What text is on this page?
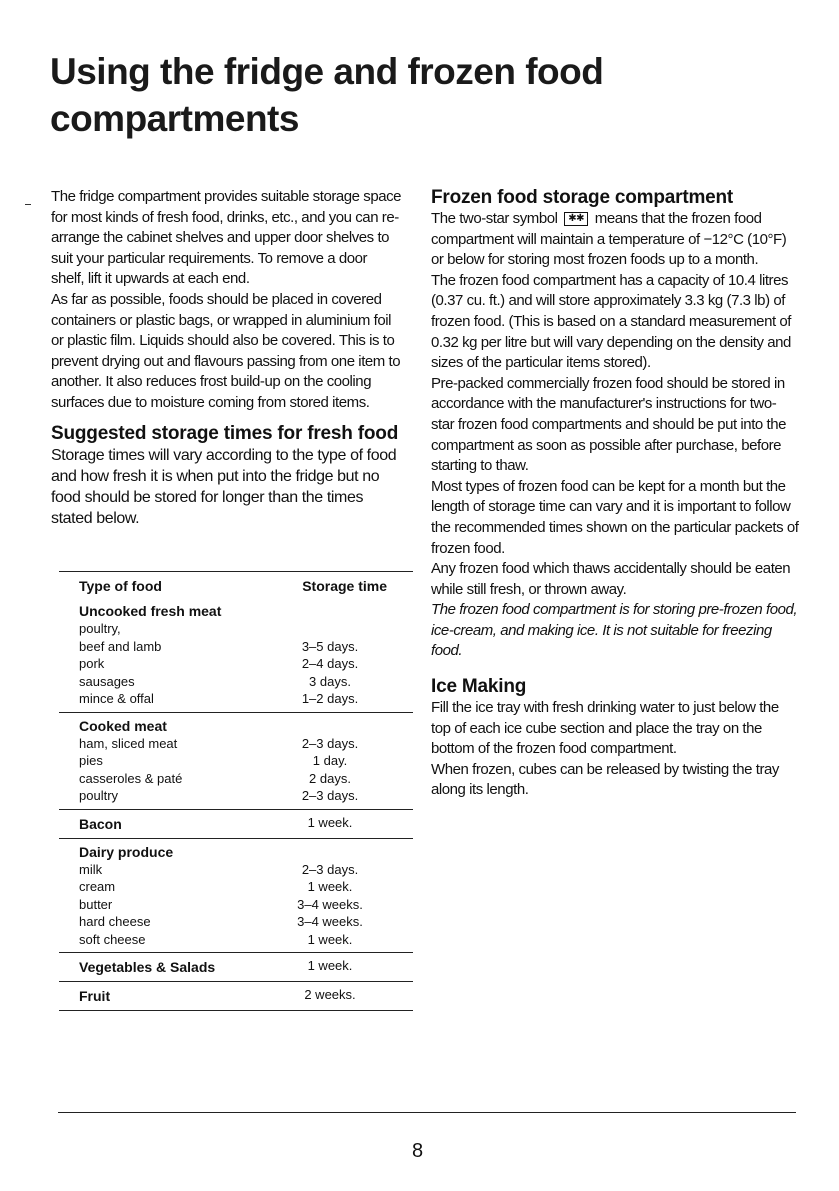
Using the fridge and frozen food compartments

The fridge compartment provides suitable storage space for most kinds of fresh food, drinks, etc., and you can re-arrange the cabinet shelves and upper door shelves to suit your particular requirements. To remove a door shelf, lift it upwards at each end.

As far as possible, foods should be placed in covered containers or plastic bags, or wrapped in aluminium foil or plastic film. Liquids should also be covered. This is to prevent drying out and flavours passing from one item to another. It also reduces frost build-up on the cooling surfaces due to moisture coming from stored items.

Suggested storage times for fresh food

Storage times will vary according to the type of food and how fresh it is when put into the fridge but no food should be stored for longer than the times stated below.

Type of food	Storage time
Uncooked fresh meat
poultry,
beef and lamb	3–5 days.
pork	2–4 days.
sausages	3 days.
mince & offal	1–2 days.
Cooked meat
ham, sliced meat	2–3 days.
pies	1 day.
casseroles & paté	2 days.
poultry	2–3 days.
Bacon	1 week.
Dairy produce
milk	2–3 days.
cream	1 week.
butter	3–4 weeks.
hard cheese	3–4 weeks.
soft cheese	1 week.
Vegetables & Salads	1 week.
Fruit	2 weeks.
Frozen food storage compartment

The two-star symbol ✱✱ means that the frozen food compartment will maintain a temperature of −12°C (10°F) or below for storing most frozen foods up to a month.

The frozen food compartment has a capacity of 10.4 litres (0.37 cu. ft.) and will store approximately 3.3 kg (7.3 lb) of frozen food. (This is based on a standard measurement of 0.32 kg per litre but will vary depending on the density and sizes of the particular items stored).

Pre-packed commercially frozen food should be stored in accordance with the manufacturer's instructions for two-star frozen food compartments and should be put into the compartment as soon as possible after purchase, before starting to thaw.

Most types of frozen food can be kept for a month but the length of storage time can vary and it is important to follow the recommended times shown on the particular packets of frozen food.

Any frozen food which thaws accidentally should be eaten while still fresh, or thrown away.

The frozen food compartment is for storing pre-frozen food, ice-cream, and making ice. It is not suitable for freezing food.

Ice Making

Fill the ice tray with fresh drinking water to just below the top of each ice cube section and place the tray on the bottom of the frozen food compartment.

When frozen, cubes can be released by twisting the tray along its length.

8
